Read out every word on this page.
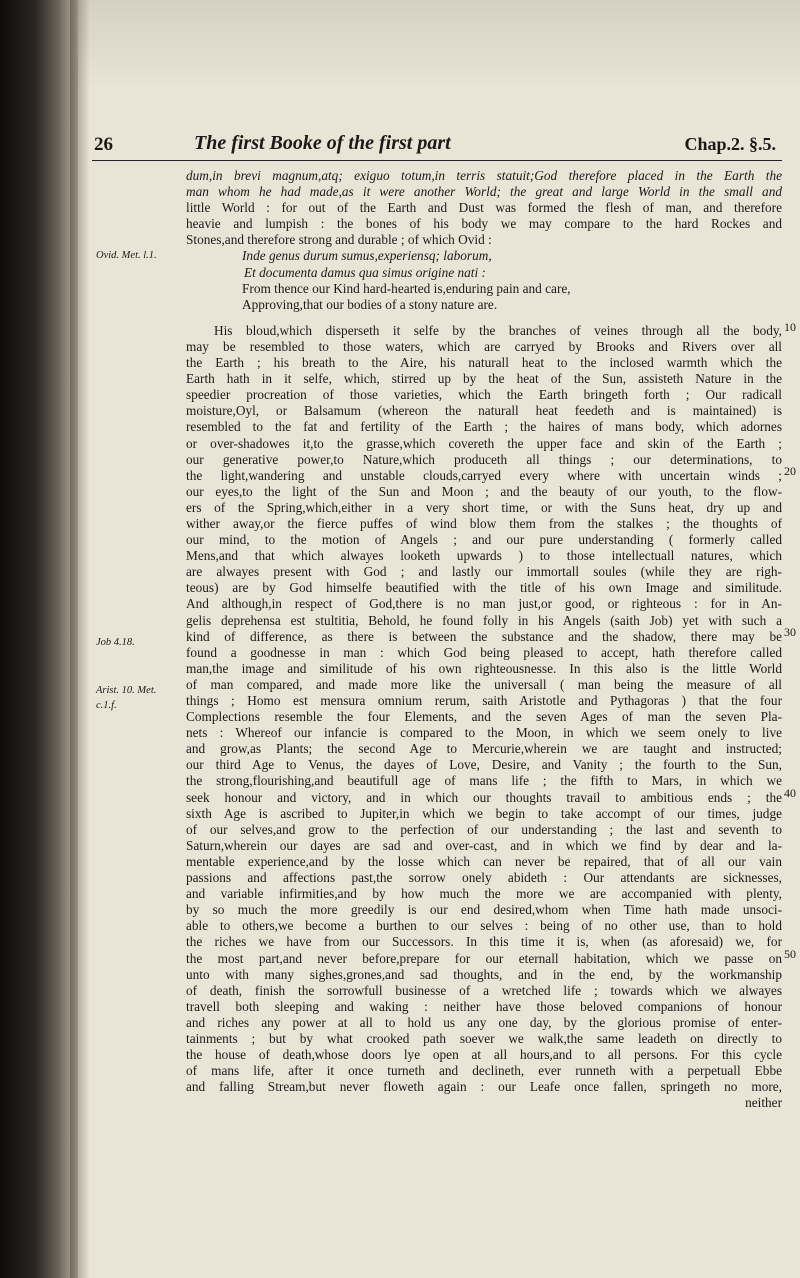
26	The first Booke of the first part	Chap.2. §.5.
Ovid. Met. l.1.
Job 4.18.
Arist. 10. Met.
c.1.f.
dum,in brevi magnum,atq; exiguo totum,in terris statuit;God therefore placed in the Earth the
man whom he had made,as it were another World; the great and large World in the small and
little World : for out of the Earth and Dust was formed the flesh of man, and therefore
heavie and lumpish : the bones of his body we may compare to the hard Rockes and
Stones,and therefore strong and durable ; of which Ovid :
Inde genus durum sumus,experiensq; laborum,
Et documenta damus qua simus origine nati :
From thence our Kind hard-hearted is,enduring pain and care,
Approving,that our bodies of a stony nature are.
His bloud,which disperseth it selfe by the branches of veines through all the body,
may be resembled to those waters, which are carryed by Brooks and Rivers over all
the Earth ; his breath to the Aire, his naturall heat to the inclosed warmth which the
Earth hath in it selfe, which, stirred up by the heat of the Sun, assisteth Nature in the
speedier procreation of those varieties, which the Earth bringeth forth ; Our radicall
moisture,Oyl, or Balsamum (whereon the naturall heat feedeth and is maintained) is
resembled to the fat and fertility of the Earth ; the haires of mans body, which adornes
or over-shadowes it,to the grasse,which covereth the upper face and skin of the Earth ;
our generative power,to Nature,which produceth all things ; our determinations, to
the light,wandering and unstable clouds,carryed every where with uncertain winds ;
our eyes,to the light of the Sun and Moon ; and the beauty of our youth, to the flow-
ers of the Spring,which,either in a very short time, or with the Suns heat, dry up and
wither away,or the fierce puffes of wind blow them from the stalkes ; the thoughts of
our mind, to the motion of Angels ; and our pure understanding ( formerly called
Mens,and that which alwayes looketh upwards ) to those intellectuall natures, which
are alwayes present with God ; and lastly our immortall soules (while they are righ-
teous) are by God himselfe beautified with the title of his own Image and similitude.
And although,in respect of God,there is no man just,or good, or righteous : for in An-
gelis deprehensa est stultitia, Behold, he found folly in his Angels (saith Job) yet with such a
kind of difference, as there is between the substance and the shadow, there may be
found a goodnesse in man : which God being pleased to accept, hath therefore called
man,the image and similitude of his own righteousnesse. In this also is the little World
of man compared, and made more like the universall ( man being the measure of all
things ; Homo est mensura omnium rerum, saith Aristotle and Pythagoras ) that the four
Complections resemble the four Elements, and the seven Ages of man the seven Pla-
nets : Whereof our infancie is compared to the Moon, in which we seem onely to live
and grow,as Plants; the second Age to Mercurie,wherein we are taught and instructed;
our third Age to Venus, the dayes of Love, Desire, and Vanity ; the fourth to the Sun,
the strong,flourishing,and beautifull age of mans life ; the fifth to Mars, in which we
seek honour and victory, and in which our thoughts travail to ambitious ends ; the
sixth Age is ascribed to Jupiter,in which we begin to take accompt of our times, judge
of our selves,and grow to the perfection of our understanding ; the last and seventh to
Saturn,wherein our dayes are sad and over-cast, and in which we find by dear and la-
mentable experience,and by the losse which can never be repaired, that of all our vain
passions and affections past,the sorrow onely abideth : Our attendants are sicknesses,
and variable infirmities,and by how much the more we are accompanied with plenty,
by so much the more greedily is our end desired,whom when Time hath made unsoci-
able to others,we become a burthen to our selves : being of no other use, than to hold
the riches we have from our Successors. In this time it is, when (as aforesaid) we, for
the most part,and never before,prepare for our eternall habitation, which we passe on
unto with many sighes,grones,and sad thoughts, and in the end, by the workmanship
of death, finish the sorrowfull businesse of a wretched life ; towards which we alwayes
travell both sleeping and waking : neither have those beloved companions of honour
and riches any power at all to hold us any one day, by the glorious promise of enter-
tainments ; but by what crooked path soever we walk,the same leadeth on directly to
the house of death,whose doors lye open at all hours,and to all persons. For this cycle
of mans life, after it once turneth and declineth, ever runneth with a perpetuall Ebbe
and falling Stream,but never floweth again : our Leafe once fallen, springeth no more,
neither
10
20
30
40
50
